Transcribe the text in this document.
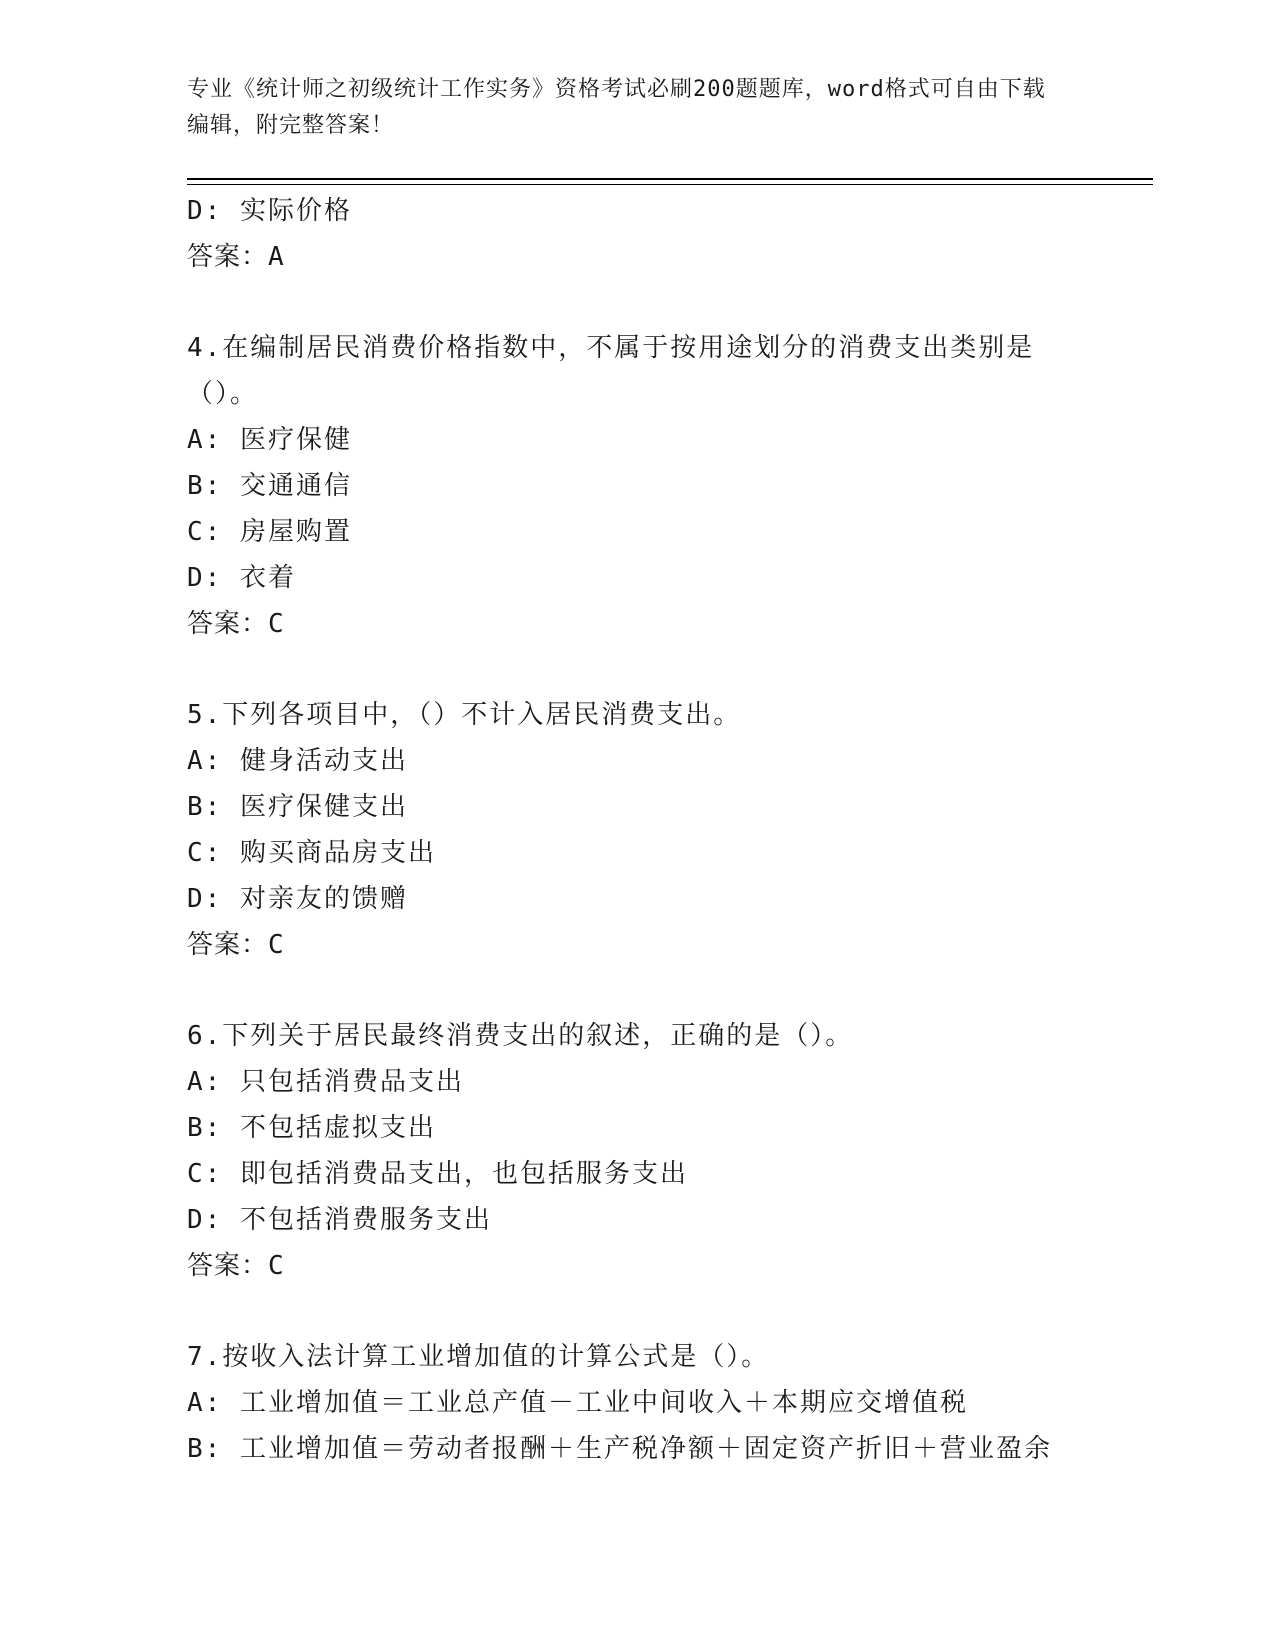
专业《统计师之初级统计工作实务》资格考试必刷200题题库，word格式可自由下载编辑，附完整答案！
D: 实际价格
答案：A
4.在编制居民消费价格指数中，不属于按用途划分的消费支出类别是（）。
A: 医疗保健
B: 交通通信
C: 房屋购置
D: 衣着
答案：C
5.下列各项目中，（）不计入居民消费支出。
A: 健身活动支出
B: 医疗保健支出
C: 购买商品房支出
D: 对亲友的馈赠
答案：C
6.下列关于居民最终消费支出的叙述，正确的是（）。
A: 只包括消费品支出
B: 不包括虚拟支出
C: 即包括消费品支出，也包括服务支出
D: 不包括消费服务支出
答案：C
7.按收入法计算工业增加值的计算公式是（）。
A: 工业增加值＝工业总产值－工业中间收入＋本期应交增值税
B: 工业增加值＝劳动者报酬＋生产税净额＋固定资产折旧＋营业盈余
